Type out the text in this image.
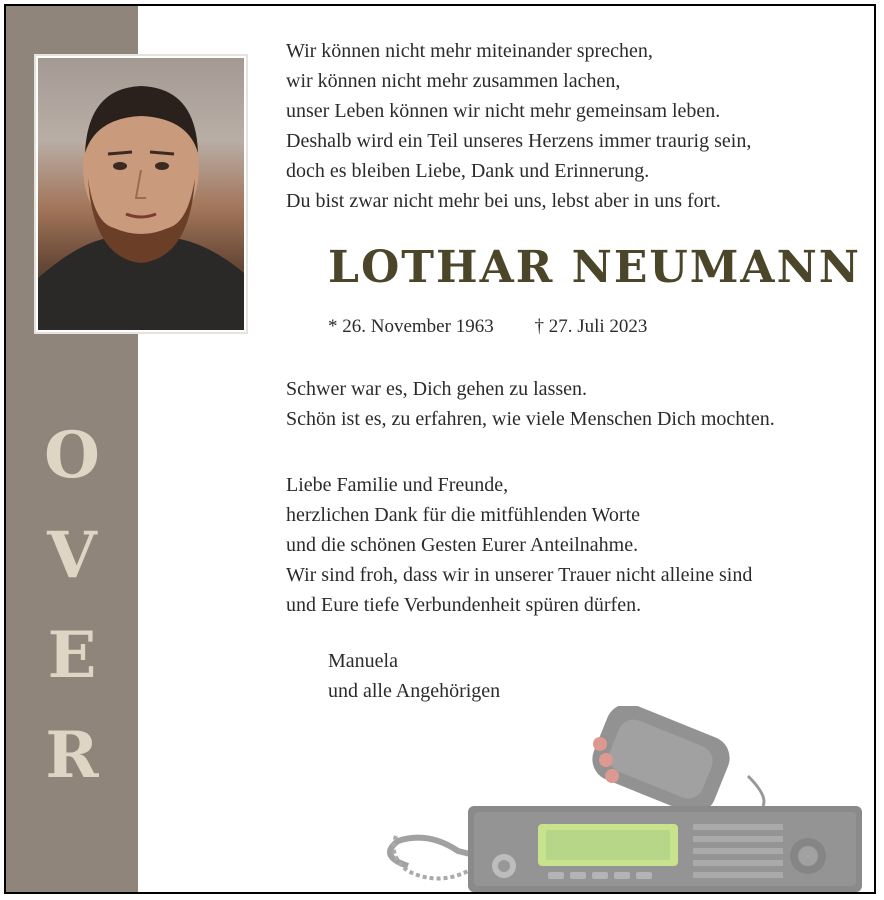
O
V
E
R
Wir können nicht mehr miteinander sprechen,
wir können nicht mehr zusammen lachen,
unser Leben können wir nicht mehr gemeinsam leben.
Deshalb wird ein Teil unseres Herzens immer traurig sein,
doch es bleiben Liebe, Dank und Erinnerung.
Du bist zwar nicht mehr bei uns, lebst aber in uns fort.
LOTHAR NEUMANN
* 26. November 1963 † 27. Juli 2023
Schwer war es, Dich gehen zu lassen.
Schön ist es, zu erfahren, wie viele Menschen Dich mochten.
Liebe Familie und Freunde,
herzlichen Dank für die mitfühlenden Worte
und die schönen Gesten Eurer Anteilnahme.
Wir sind froh, dass wir in unserer Trauer nicht alleine sind
und Eure tiefe Verbundenheit spüren dürfen.
Manuela
und alle Angehörigen
